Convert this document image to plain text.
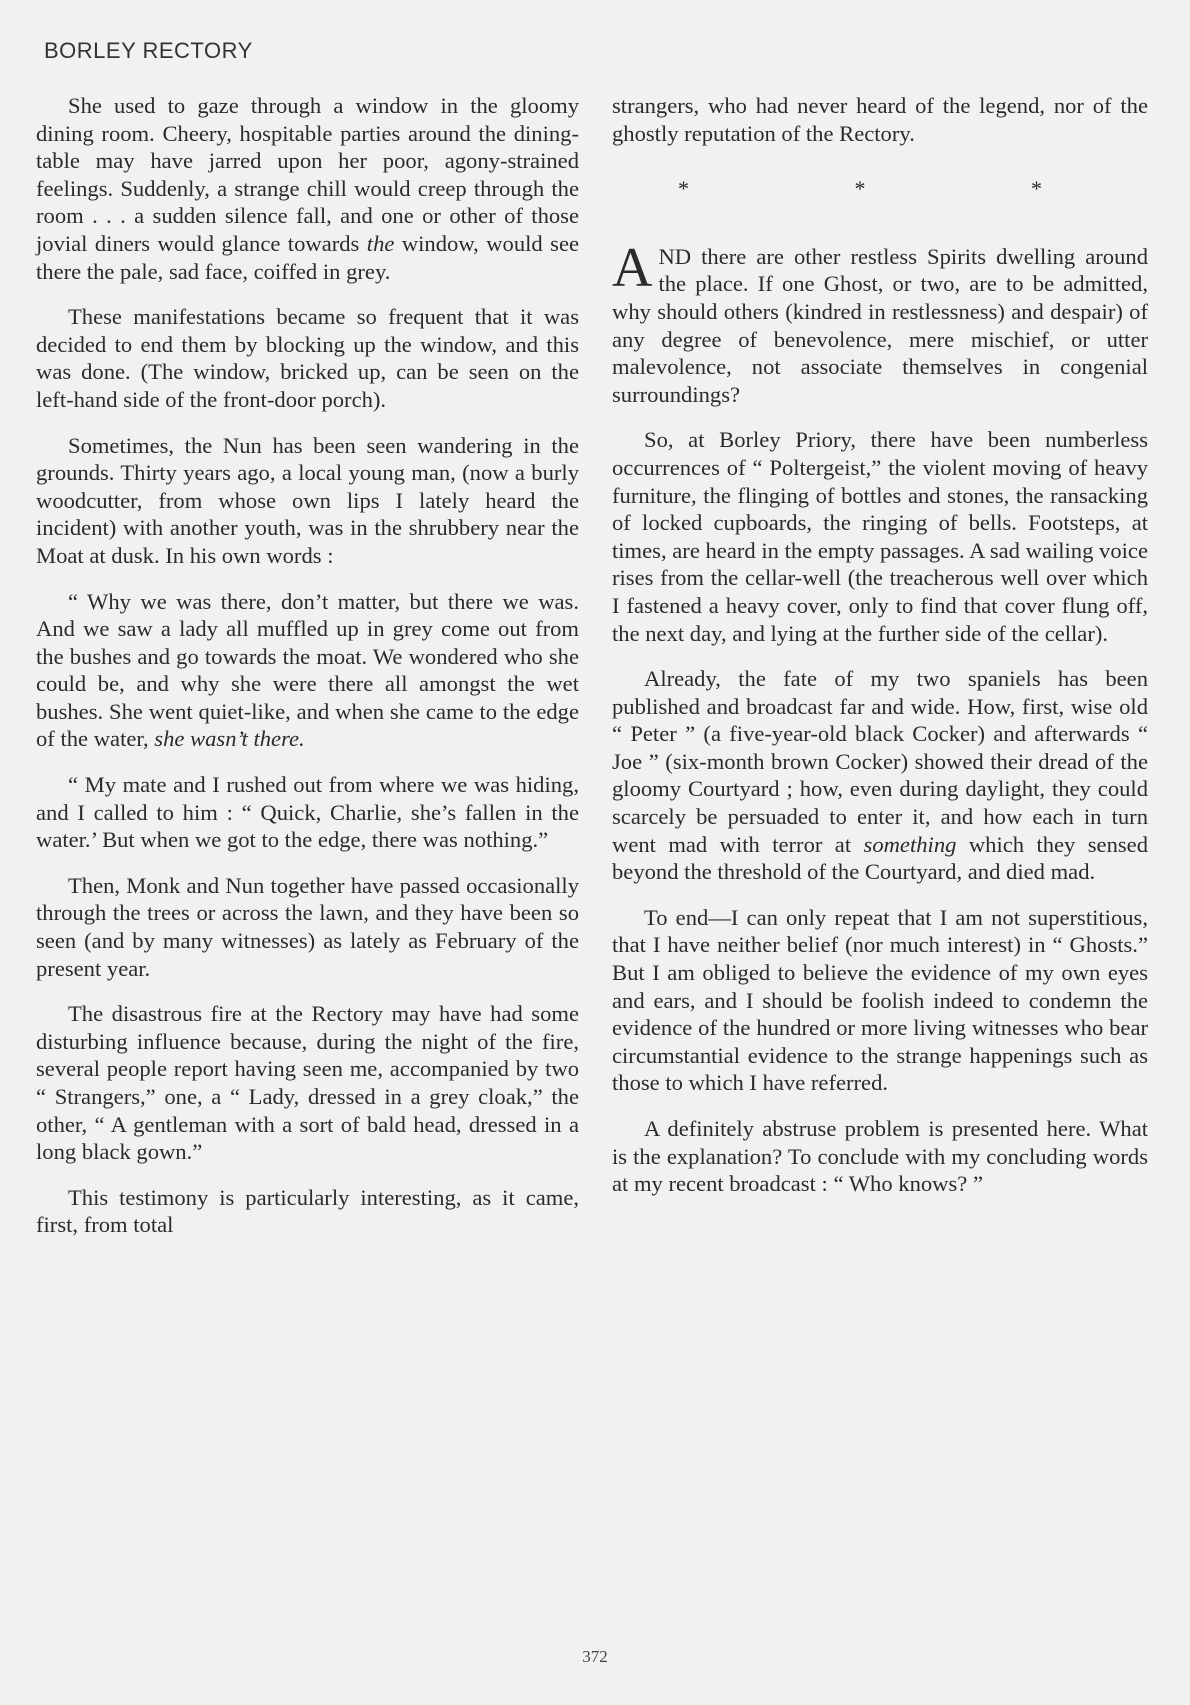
BORLEY RECTORY

She used to gaze through a window in the gloomy dining room. Cheery, hospitable parties around the dining-table may have jarred upon her poor, agony-strained feelings. Suddenly, a strange chill would creep through the room . . . a sudden silence fall, and one or other of those jovial diners would glance towards the window, would see there the pale, sad face, coiffed in grey.

These manifestations became so frequent that it was decided to end them by blocking up the window, and this was done. (The window, bricked up, can be seen on the left-hand side of the front-door porch).

Sometimes, the Nun has been seen wandering in the grounds. Thirty years ago, a local young man, (now a burly woodcutter, from whose own lips I lately heard the incident) with another youth, was in the shrubbery near the Moat at dusk. In his own words :

“ Why we was there, don’t matter, but there we was. And we saw a lady all muffled up in grey come out from the bushes and go towards the moat. We wondered who she could be, and why she were there all amongst the wet bushes. She went quiet-like, and when she came to the edge of the water, she wasn’t there.

“ My mate and I rushed out from where we was hiding, and I called to him : “ Quick, Charlie, she’s fallen in the water.’ But when we got to the edge, there was nothing.”

Then, Monk and Nun together have passed occasionally through the trees or across the lawn, and they have been so seen (and by many witnesses) as lately as February of the present year.

The disastrous fire at the Rectory may have had some disturbing influence because, during the night of the fire, several people report having seen me, accompanied by two “ Strangers,” one, a “ Lady, dressed in a grey cloak,” the other, “ A gentleman with a sort of bald head, dressed in a long black gown.”

This testimony is particularly interesting, as it came, first, from total

strangers, who had never heard of the legend, nor of the ghostly reputation of the Rectory.

* * *

AND there are other restless Spirits dwelling around the place. If one Ghost, or two, are to be admitted, why should others (kindred in restlessness) and despair) of any degree of benevolence, mere mischief, or utter malevolence, not associate themselves in congenial surroundings?

So, at Borley Priory, there have been numberless occurrences of “ Poltergeist,” the violent moving of heavy furniture, the flinging of bottles and stones, the ransacking of locked cupboards, the ringing of bells. Footsteps, at times, are heard in the empty passages. A sad wailing voice rises from the cellar-well (the treacherous well over which I fastened a heavy cover, only to find that cover flung off, the next day, and lying at the further side of the cellar).

Already, the fate of my two spaniels has been published and broadcast far and wide. How, first, wise old “ Peter ” (a five-year-old black Cocker) and afterwards “ Joe ” (six-month brown Cocker) showed their dread of the gloomy Courtyard ; how, even during daylight, they could scarcely be persuaded to enter it, and how each in turn went mad with terror at something which they sensed beyond the threshold of the Courtyard, and died mad.

To end—I can only repeat that I am not superstitious, that I have neither belief (nor much interest) in “ Ghosts.” But I am obliged to believe the evidence of my own eyes and ears, and I should be foolish indeed to condemn the evidence of the hundred or more living witnesses who bear circumstantial evidence to the strange happenings such as those to which I have referred.

A definitely abstruse problem is presented here. What is the explanation? To conclude with my concluding words at my recent broadcast : “ Who knows? ”

372
